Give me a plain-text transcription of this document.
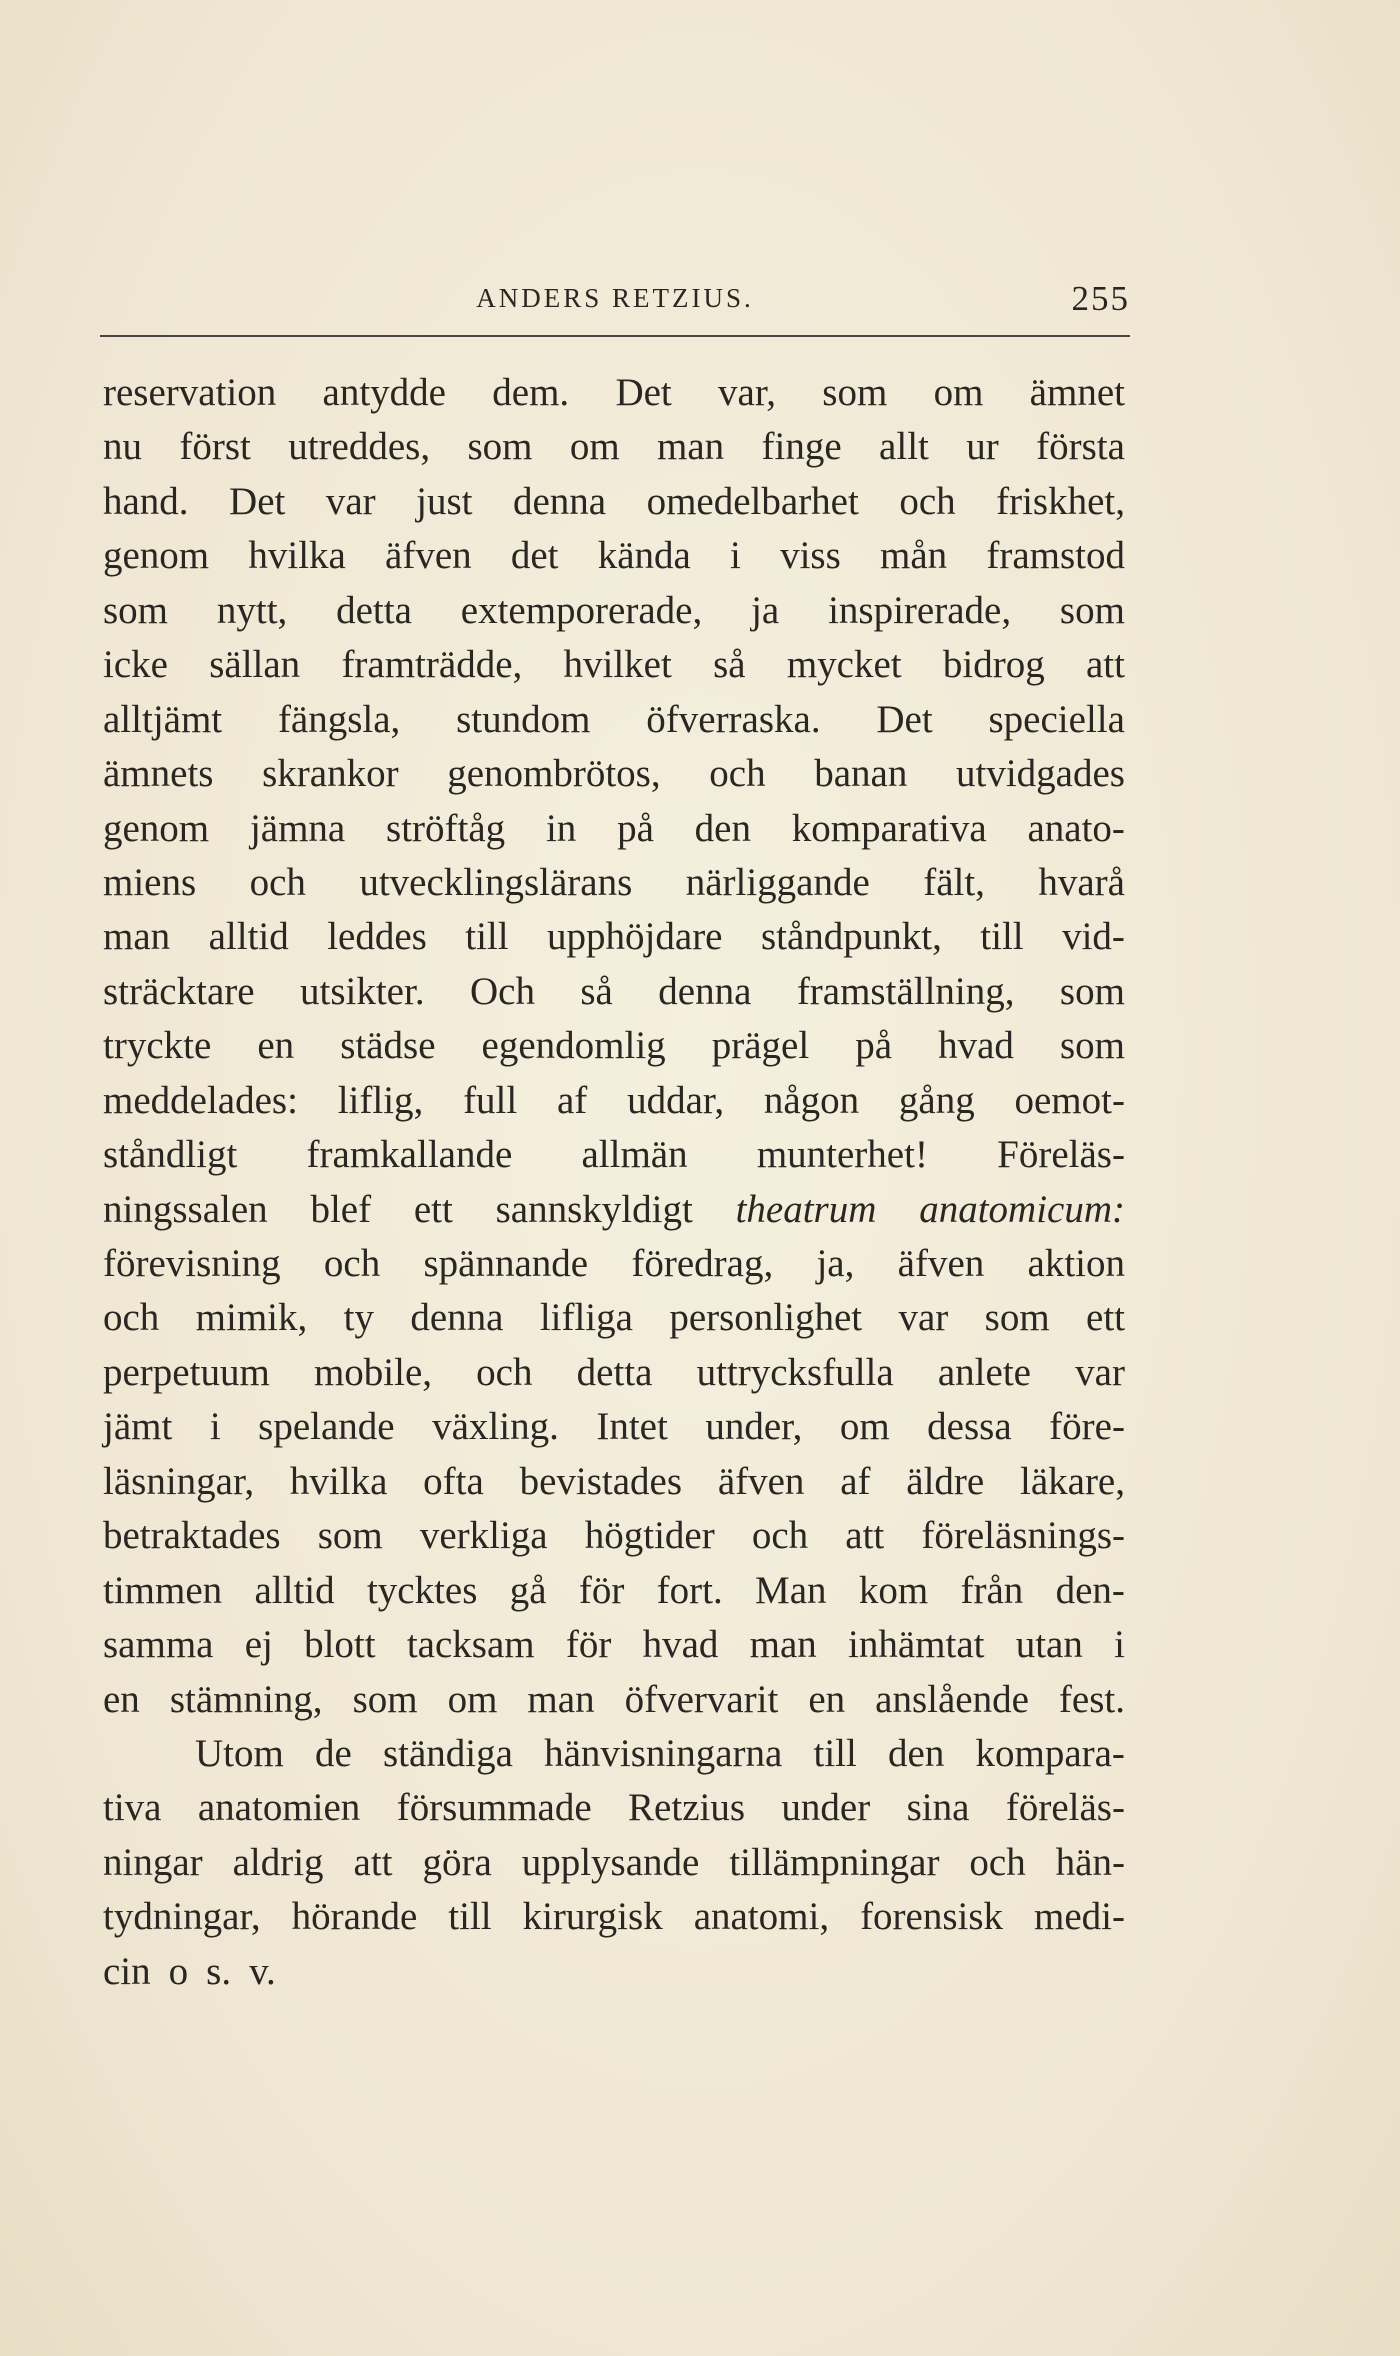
ANDERS RETZIUS.	255
reservation antydde dem. Det var, som om ämnet
nu först utreddes, som om man finge allt ur första
hand. Det var just denna omedelbarhet och friskhet,
genom hvilka äfven det kända i viss mån framstod
som nytt, detta extemporerade, ja inspirerade, som
icke sällan framträdde, hvilket så mycket bidrog att
alltjämt fängsla, stundom öfverraska. Det speciella
ämnets skrankor genombrötos, och banan utvidgades
genom jämna ströftåg in på den komparativa anato-
miens och utvecklingslärans närliggande fält, hvarå
man alltid leddes till upphöjdare ståndpunkt, till vid-
sträcktare utsikter. Och så denna framställning, som
tryckte en städse egendomlig prägel på hvad som
meddelades: liflig, full af uddar, någon gång oemot-
ståndligt framkallande allmän munterhet! Föreläs-
ningssalen blef ett sannskyldigt theatrum anatomicum:
förevisning och spännande föredrag, ja, äfven aktion
och mimik, ty denna lifliga personlighet var som ett
perpetuum mobile, och detta uttrycksfulla anlete var
jämt i spelande växling. Intet under, om dessa före-
läsningar, hvilka ofta bevistades äfven af äldre läkare,
betraktades som verkliga högtider och att föreläsnings-
timmen alltid tycktes gå för fort. Man kom från den-
samma ej blott tacksam för hvad man inhämtat utan i
en stämning, som om man öfvervarit en anslående fest.
Utom de ständiga hänvisningarna till den kompara-
tiva anatomien försummade Retzius under sina föreläs-
ningar aldrig att göra upplysande tillämpningar och hän-
tydningar, hörande till kirurgisk anatomi, forensisk medi-
cin o s. v.
